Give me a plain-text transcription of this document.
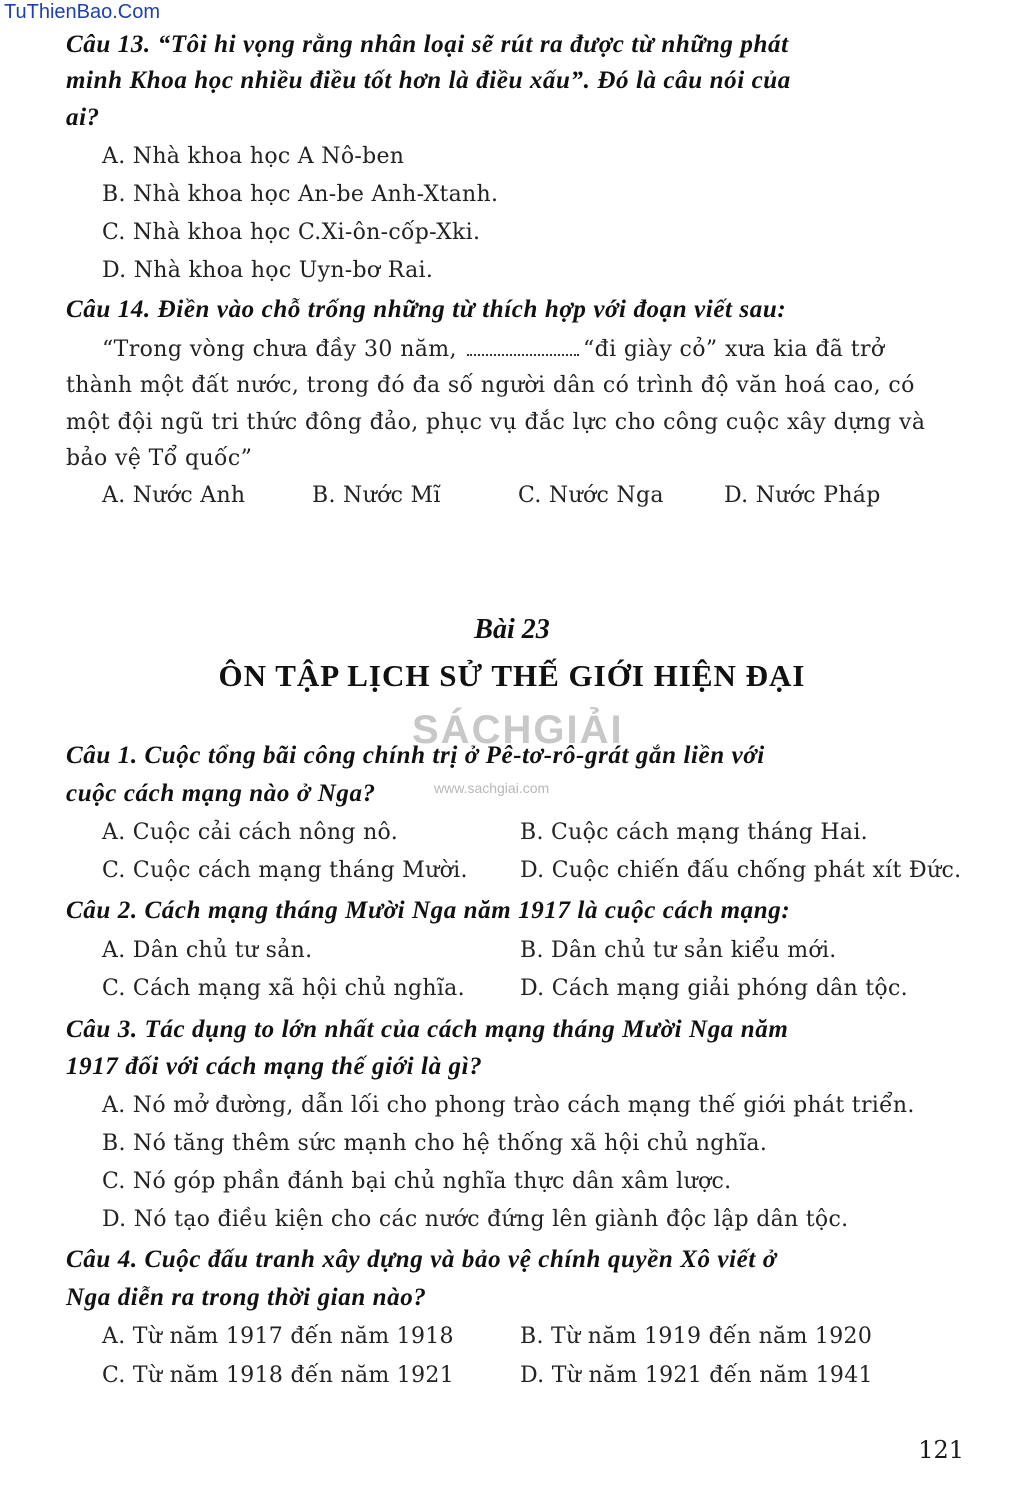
TuThienBao.Com
Câu 13. “Tôi hi vọng rằng nhân loại sẽ rút ra được từ những phát
minh Khoa học nhiều điều tốt hơn là điều xấu”. Đó là câu nói của
ai?
A. Nhà khoa học A Nô-ben
B. Nhà khoa học An-be Anh-Xtanh.
C. Nhà khoa học C.Xi-ôn-cốp-Xki.
D. Nhà khoa học Uyn-bơ Rai.
Câu 14. Điền vào chỗ trống những từ thích hợp với đoạn viết sau:
“Trong vòng chưa đầy 30 năm,	“đi giày cỏ” xưa kia đã trở
thành một đất nước, trong đó đa số người dân có trình độ văn hoá cao, có
một đội ngũ tri thức đông đảo, phục vụ đắc lực cho công cuộc xây dựng và
bảo vệ Tổ quốc”
A. Nước Anh	B. Nước Mĩ	C. Nước Nga	D. Nước Pháp
Bài 23
ÔN TẬP LỊCH SỬ THẾ GIỚI HIỆN ĐẠI
SÁCHGIẢI
www.sachgiai.com
Câu 1. Cuộc tổng bãi công chính trị ở Pê-tơ-rô-grát gắn liền với
cuộc cách mạng nào ở Nga?
A. Cuộc cải cách nông nô.	B. Cuộc cách mạng tháng Hai.
C. Cuộc cách mạng tháng Mười. D. Cuộc chiến đấu chống phát xít Đức.
Câu 2. Cách mạng tháng Mười Nga năm 1917 là cuộc cách mạng:
A. Dân chủ tư sản.	B. Dân chủ tư sản kiểu mới.
C. Cách mạng xã hội chủ nghĩa.	D. Cách mạng giải phóng dân tộc.
Câu 3. Tác dụng to lớn nhất của cách mạng tháng Mười Nga năm
1917 đối với cách mạng thế giới là gì?
A. Nó mở đường, dẫn lối cho phong trào cách mạng thế giới phát triển.
B. Nó tăng thêm sức mạnh cho hệ thống xã hội chủ nghĩa.
C. Nó góp phần đánh bại chủ nghĩa thực dân xâm lược.
D. Nó tạo điều kiện cho các nước đứng lên giành độc lập dân tộc.
Câu 4. Cuộc đấu tranh xây dựng và bảo vệ chính quyền Xô viết ở
Nga diễn ra trong thời gian nào?
A. Từ năm 1917 đến năm 1918	B. Từ năm 1919 đến năm 1920
C. Từ năm 1918 đến năm 1921	D. Từ năm 1921 đến năm 1941
121
